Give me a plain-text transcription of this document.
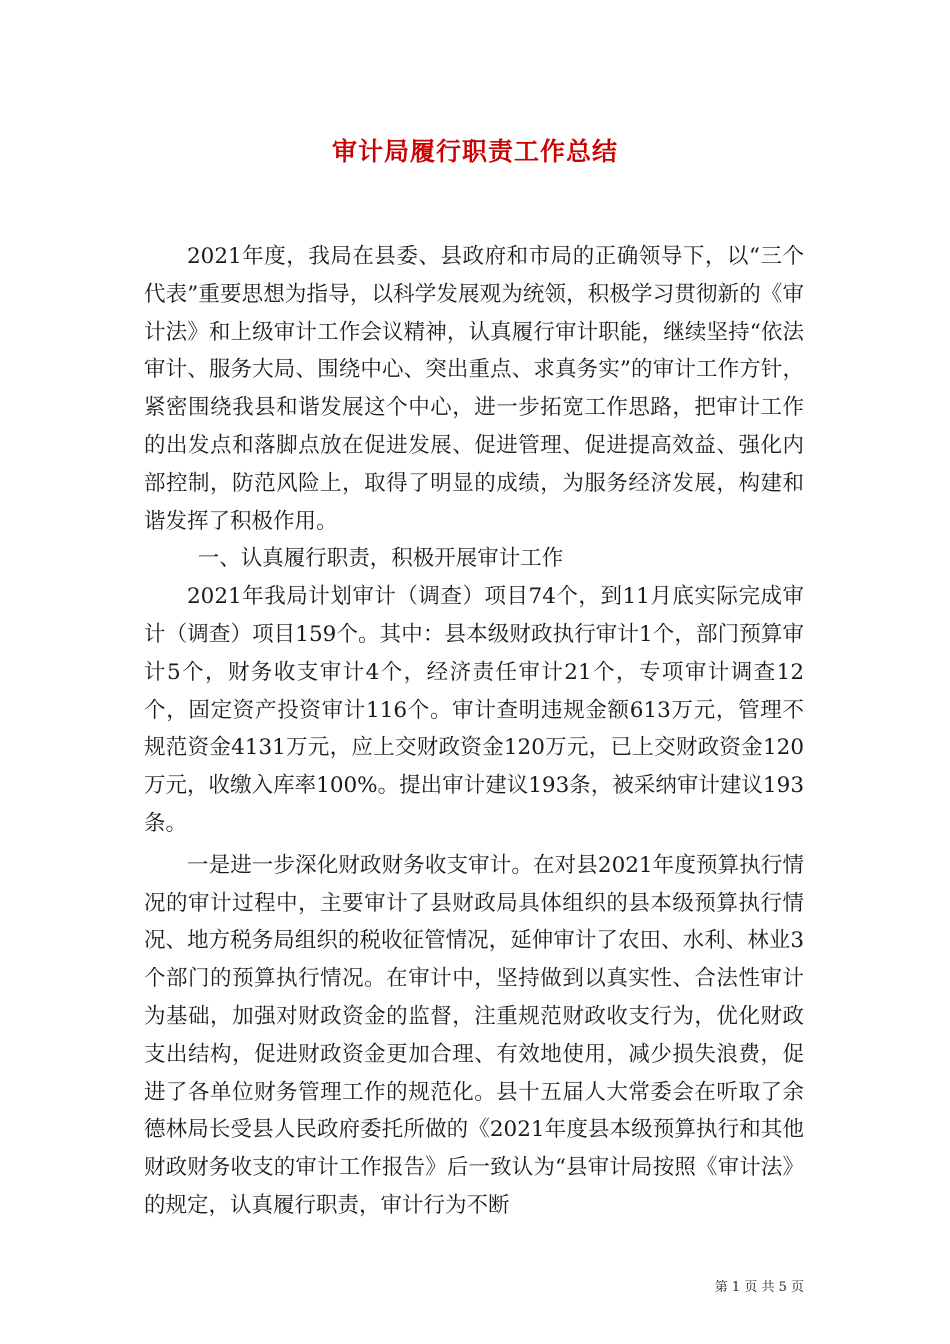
审计局履行职责工作总结

2021年度，我局在县委、县政府和市局的正确领导下，以“三个代表”重要思想为指导，以科学发展观为统领，积极学习贯彻新的《审计法》和上级审计工作会议精神，认真履行审计职能，继续坚持“依法审计、服务大局、围绕中心、突出重点、求真务实”的审计工作方针，紧密围绕我县和谐发展这个中心，进一步拓宽工作思路，把审计工作的出发点和落脚点放在促进发展、促进管理、促进提高效益、强化内部控制，防范风险上，取得了明显的成绩，为服务经济发展，构建和谐发挥了积极作用。

一、认真履行职责，积极开展审计工作

2021年我局计划审计（调查）项目74个，到11月底实际完成审计（调查）项目159个。其中：县本级财政执行审计1个，部门预算审计5个，财务收支审计4个，经济责任审计21个，专项审计调查12个，固定资产投资审计116个。审计查明违规金额613万元，管理不规范资金4131万元，应上交财政资金120万元，已上交财政资金120万元，收缴入库率100%。提出审计建议193条，被采纳审计建议193条。

一是进一步深化财政财务收支审计。在对县2021年度预算执行情况的审计过程中，主要审计了县财政局具体组织的县本级预算执行情况、地方税务局组织的税收征管情况，延伸审计了农田、水利、林业3个部门的预算执行情况。在审计中，坚持做到以真实性、合法性审计为基础，加强对财政资金的监督，注重规范财政收支行为，优化财政支出结构，促进财政资金更加合理、有效地使用，减少损失浪费，促进了各单位财务管理工作的规范化。县十五届人大常委会在听取了余德林局长受县人民政府委托所做的《2021年度县本级预算执行和其他财政财务收支的审计工作报告》后一致认为“县审计局按照《审计法》的规定，认真履行职责，审计行为不断

第 1 页 共 5 页
